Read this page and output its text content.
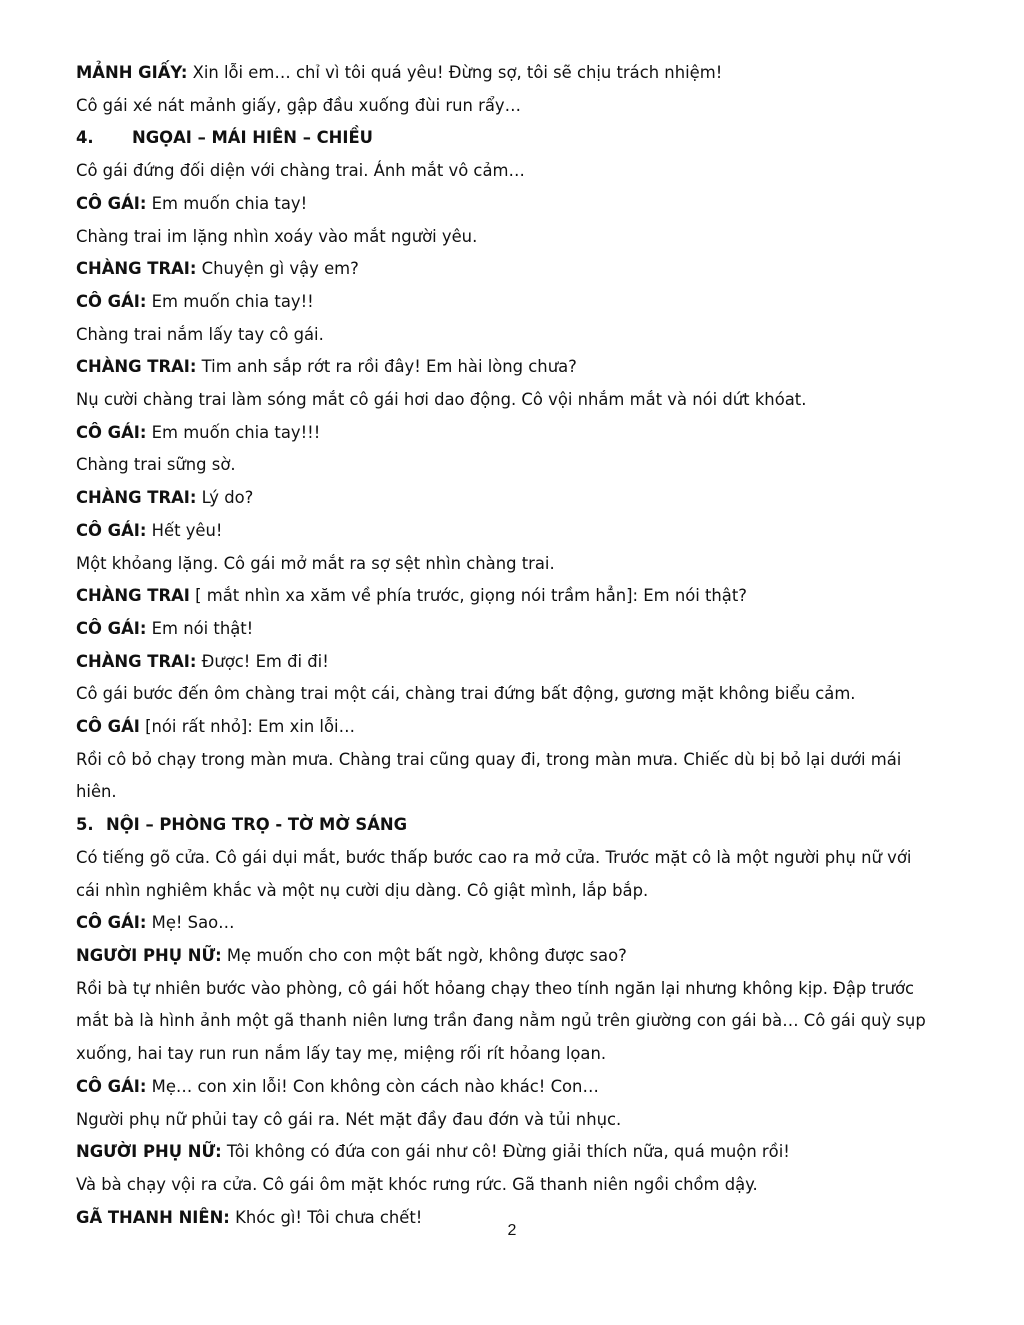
MẢNH GIẤY: Xin lỗi em… chỉ vì tôi quá yêu! Đừng sợ, tôi sẽ chịu trách nhiệm!
Cô gái xé nát mảnh giấy, gập đầu xuống đùi run rẩy…
4. NGỌAI – MÁI HIÊN – CHIỀU
Cô gái đứng đối diện với chàng trai. Ánh mắt vô cảm…
CÔ GÁI: Em muốn chia tay!
Chàng trai im lặng nhìn xoáy vào mắt người yêu.
CHÀNG TRAI: Chuyện gì vậy em?
CÔ GÁI: Em muốn chia tay!!
Chàng trai nắm lấy tay cô gái.
CHÀNG TRAI: Tim anh sắp rớt ra rồi đây! Em hài lòng chưa?
Nụ cười chàng trai làm sóng mắt cô gái hơi dao động. Cô vội nhắm mắt và nói dứt khóat.
CÔ GÁI: Em muốn chia tay!!!
Chàng trai sững sờ.
CHÀNG TRAI: Lý do?
CÔ GÁI: Hết yêu!
Một khỏang lặng. Cô gái mở mắt ra sợ sệt nhìn chàng trai.
CHÀNG TRAI [ mắt nhìn xa xăm về phía trước, giọng nói trầm hẳn]: Em nói thật?
CÔ GÁI: Em nói thật!
CHÀNG TRAI: Được! Em đi đi!
Cô gái bước đến ôm chàng trai một cái, chàng trai đứng bất động, gương mặt không biểu cảm.
CÔ GÁI [nói rất nhỏ]: Em xin lỗi…
Rồi cô bỏ chạy trong màn mưa. Chàng trai cũng quay đi, trong màn mưa. Chiếc dù bị bỏ lại dưới mái
hiên.
5. NỘI – PHÒNG TRỌ - TỜ MỜ SÁNG
Có tiếng gõ cửa. Cô gái dụi mắt, bước thấp bước cao ra mở cửa. Trước mặt cô là một người phụ nữ với
cái nhìn nghiêm khắc và một nụ cười dịu dàng. Cô giật mình, lắp bắp.
CÔ GÁI: Mẹ! Sao…
NGƯỜI PHỤ NỮ: Mẹ muốn cho con một bất ngờ, không được sao?
Rồi bà tự nhiên bước vào phòng, cô gái hốt hỏang chạy theo tính ngăn lại nhưng không kịp. Đập trước
mắt bà là hình ảnh một gã thanh niên lưng trần đang nằm ngủ trên giường con gái bà… Cô gái quỳ sụp
xuống, hai tay run run nắm lấy tay mẹ, miệng rối rít hỏang lọan.
CÔ GÁI: Mẹ… con xin lỗi! Con không còn cách nào khác! Con…
Người phụ nữ phủi tay cô gái ra. Nét mặt đầy đau đớn và tủi nhục.
NGƯỜI PHỤ NỮ: Tôi không có đứa con gái như cô! Đừng giải thích nữa, quá muộn rồi!
Và bà chạy vội ra cửa. Cô gái ôm mặt khóc rưng rức. Gã thanh niên ngồi chồm dậy.
GÃ THANH NIÊN: Khóc gì! Tôi chưa chết!
2
